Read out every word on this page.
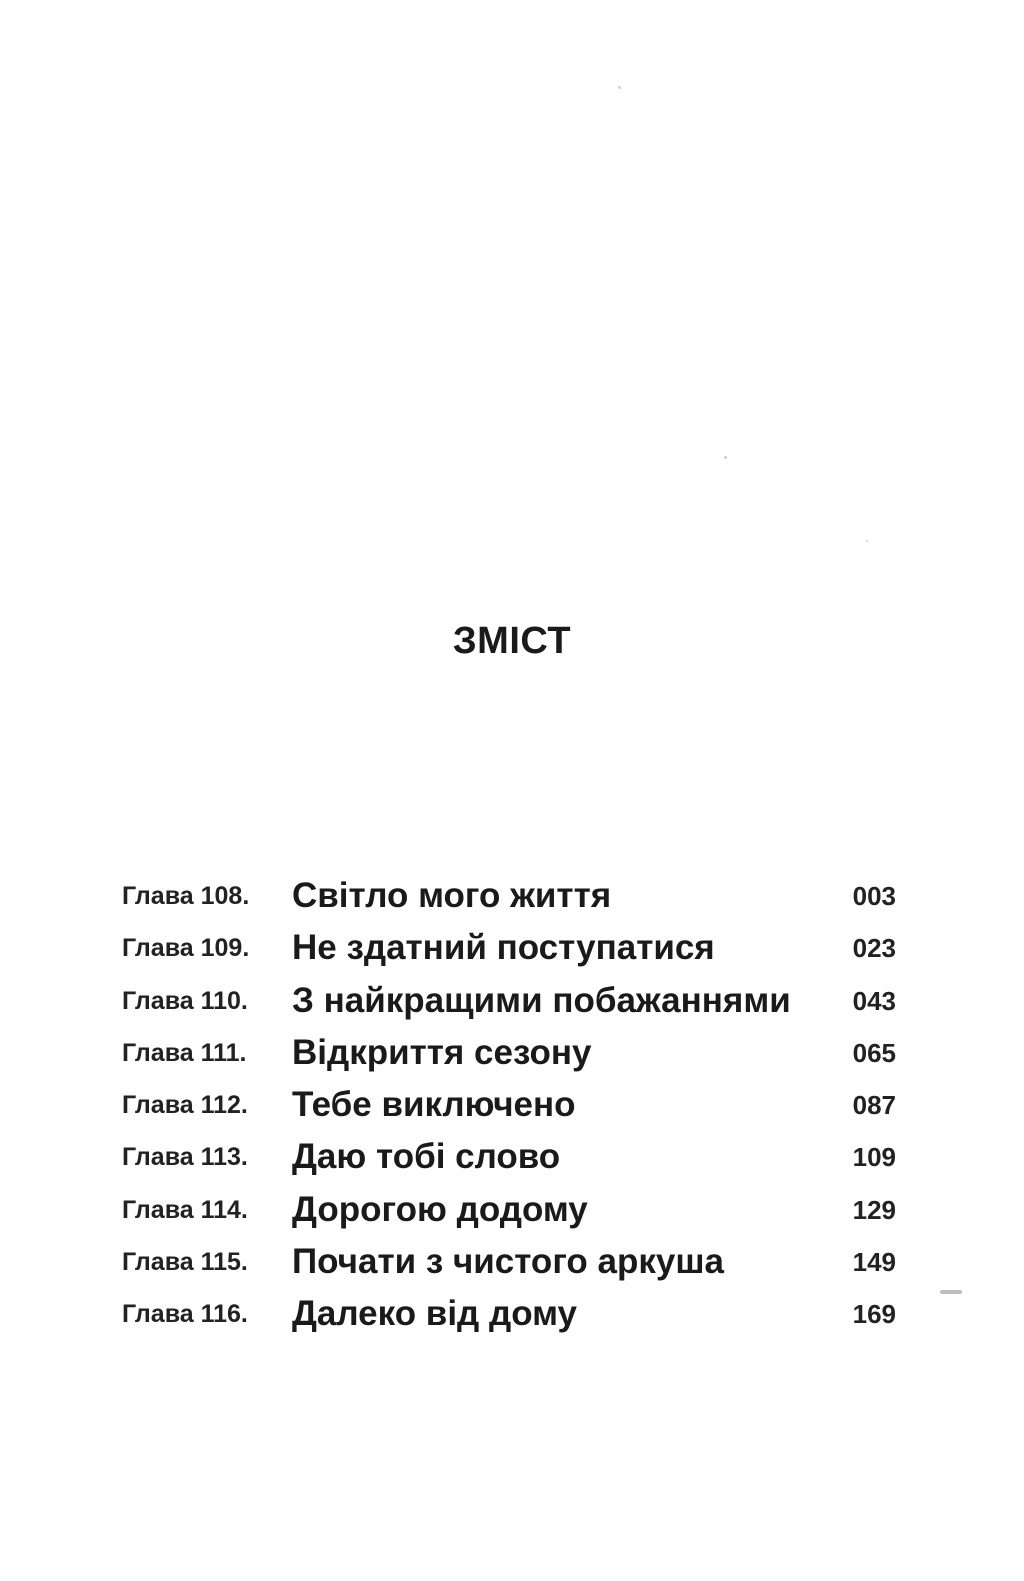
ЗМІСТ
Глава 108. Світло мого життя	003
Глава 109. Не здатний поступатися	023
Глава 110. З найкращими побажаннями 043
Глава 111. Відкриття сезону	065
Глава 112. Тебе виключено	087
Глава 113. Даю тобі слово	109
Глава 114. Дорогою додому	129
Глава 115. Почати з чистого аркуша	149
Глава 116. Далеко від дому	169
